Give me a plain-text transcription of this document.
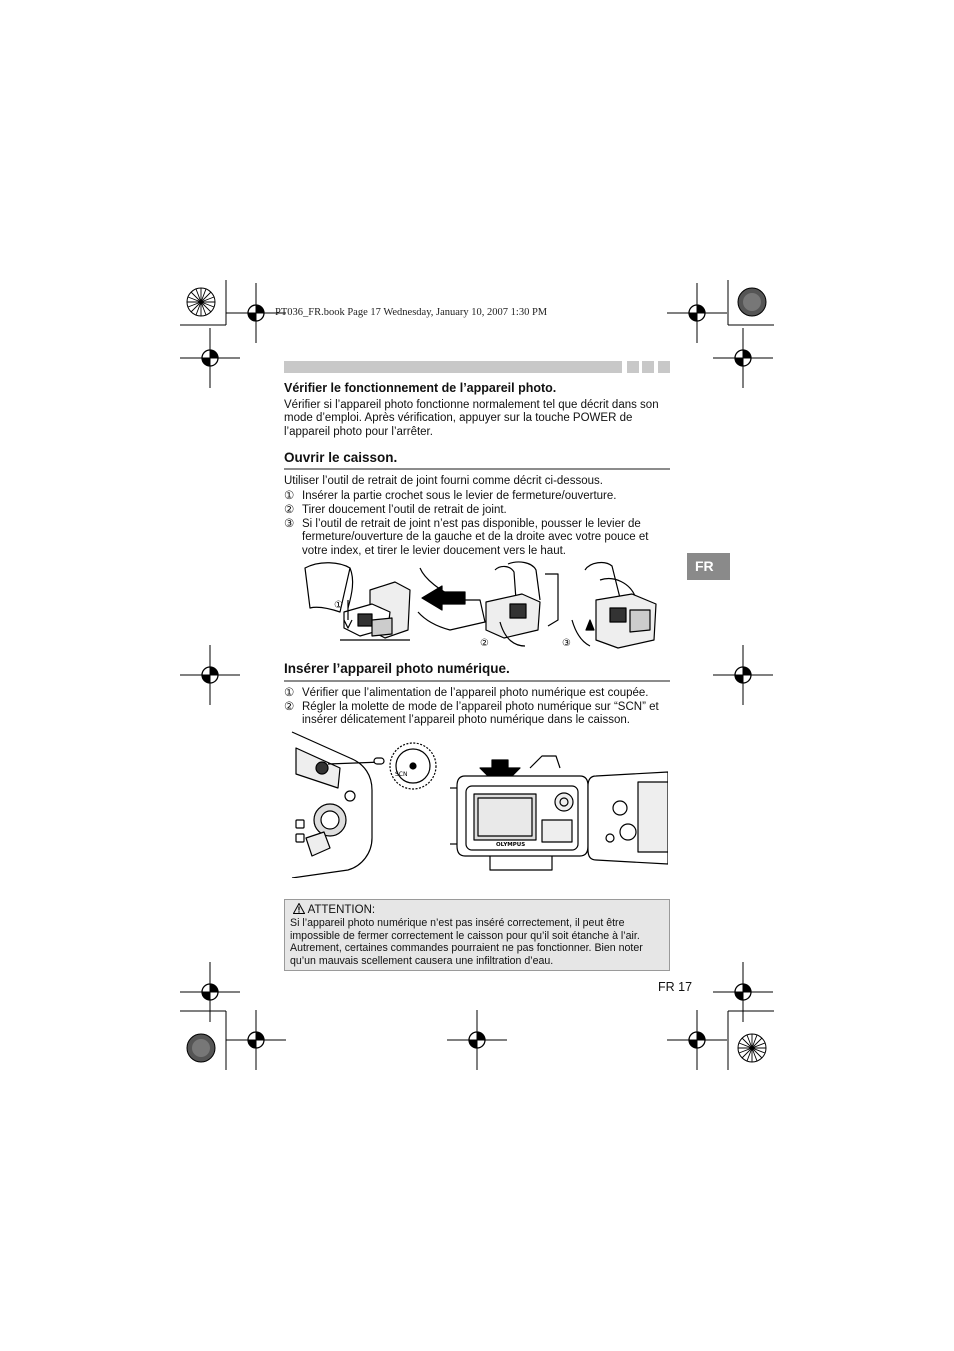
PT036_FR.book Page 17 Wednesday, January 10, 2007 1:30 PM
Vérifier le fonctionnement de l’appareil photo.

Vérifier si l’appareil photo fonctionne normalement tel que décrit dans son

mode d’emploi. Après vérification, appuyer sur la touche POWER de

l’appareil photo pour l’arrêter.

Ouvrir le caisson.
Utiliser l’outil de retrait de joint fourni comme décrit ci-dessous.
① Insérer la partie crochet sous le levier de fermeture/ouverture.
② Tirer doucement l’outil de retrait de joint.
③ Si l’outil de retrait de joint n’est pas disponible, pousser le levier de
fermeture/ouverture de la gauche et de la droite avec votre pouce et
votre index, et tirer le levier doucement vers le haut.
FR
①
②	③
Insérer l’appareil photo numérique.
① Vérifier que l’alimentation de l’appareil photo numérique est coupée.
② Régler la molette de mode de l’appareil photo numérique sur “SCN” et
insérer délicatement l’appareil photo numérique dans le caisson.
SCN
OLYMPUS
ATTENTION:
Si l’appareil photo numérique n’est pas inséré correctement, il peut être
impossible de fermer correctement le caisson pour qu’il soit étanche à l’air.
Autrement, certaines commandes pourraient ne pas fonctionner. Bien noter
qu’un mauvais scellement causera une infiltration d’eau.
FR 17
